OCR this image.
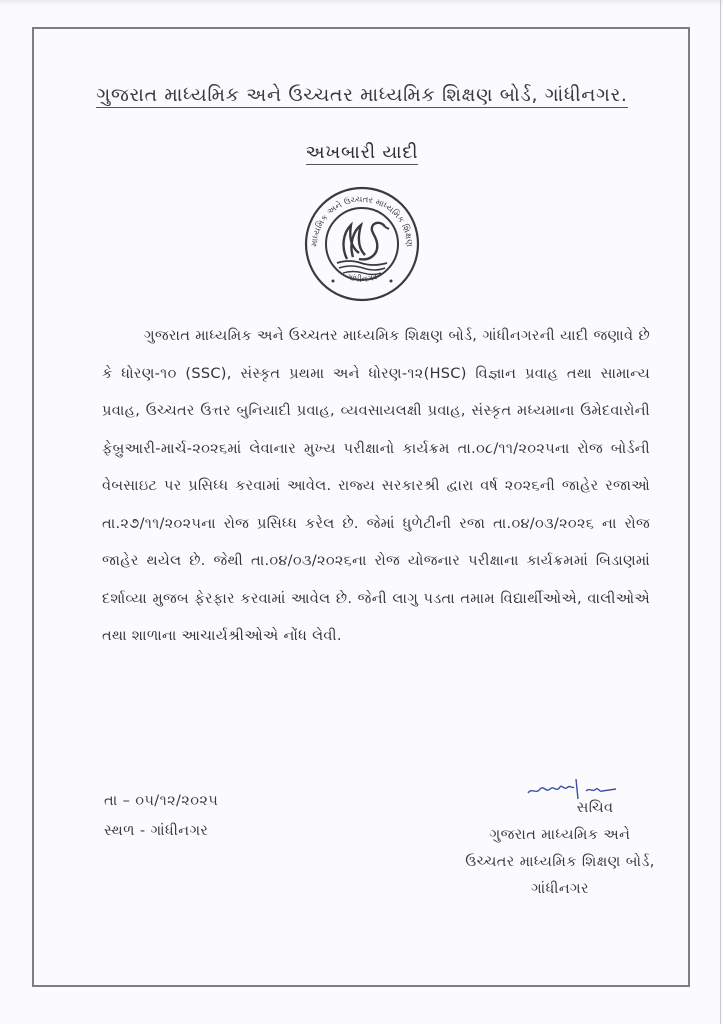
ગુજરાત માધ્યમિક અને ઉચ્ચતર માધ્યમિક શિક્ષણ બોર્ડ, ગાંધીનગર.
અખબારી યાદી
માધ્યમિક અને ઉચ્ચતર માધ્યમિક શિક્ષણ
ગાંધીનગર
ગુજરાત માધ્યમિક અને ઉચ્ચતર માધ્યમિક શિક્ષણ બોર્ડ, ગાંધીનગરની યાદી જણાવે છે કે ધોરણ-૧૦ (SSC), સંસ્કૃત પ્રથમા અને ધોરણ-૧૨(HSC) વિજ્ઞાન પ્રવાહ તથા સામાન્ય પ્રવાહ, ઉચ્ચતર ઉત્તર બુનિયાદી પ્રવાહ, વ્યવસાયલક્ષી પ્રવાહ, સંસ્કૃત મધ્યમાના ઉમેદવારોની ફેબ્રુઆરી-માર્ચ-૨૦૨૬માં લેવાનાર મુખ્ય પરીક્ષાનો કાર્યક્રમ તા.૦૮/૧૧/૨૦૨૫ના રોજ બોર્ડની વેબસાઇટ પર પ્રસિધ્ધ કરવામાં આવેલ. રાજ્ય સરકારશ્રી દ્વારા વર્ષ ૨૦૨૬ની જાહેર રજાઓ તા.૨૭/૧૧/૨૦૨૫ના રોજ પ્રસિધ્ધ કરેલ છે. જેમાં ધુળેટીની રજા તા.૦૪/૦૩/૨૦૨૬ ના રોજ જાહેર થયેલ છે. જેથી તા.૦૪/૦૩/૨૦૨૬ના રોજ યોજનાર પરીક્ષાના કાર્યક્રમમાં બિડાણમાં દર્શાવ્યા મુજબ ફેરફાર કરવામાં આવેલ છે. જેની લાગુ પડતા તમામ વિદ્યાર્થીઓએ, વાલીઓએ તથા શાળાના આચાર્યશ્રીઓએ નોંધ લેવી.
તા – ૦૫/૧૨/૨૦૨૫
સ્થળ - ગાંધીનગર
સચિવ
ગુજરાત માધ્યમિક અને
ઉચ્ચતર માધ્યમિક શિક્ષણ બોર્ડ,
ગાંધીનગર
